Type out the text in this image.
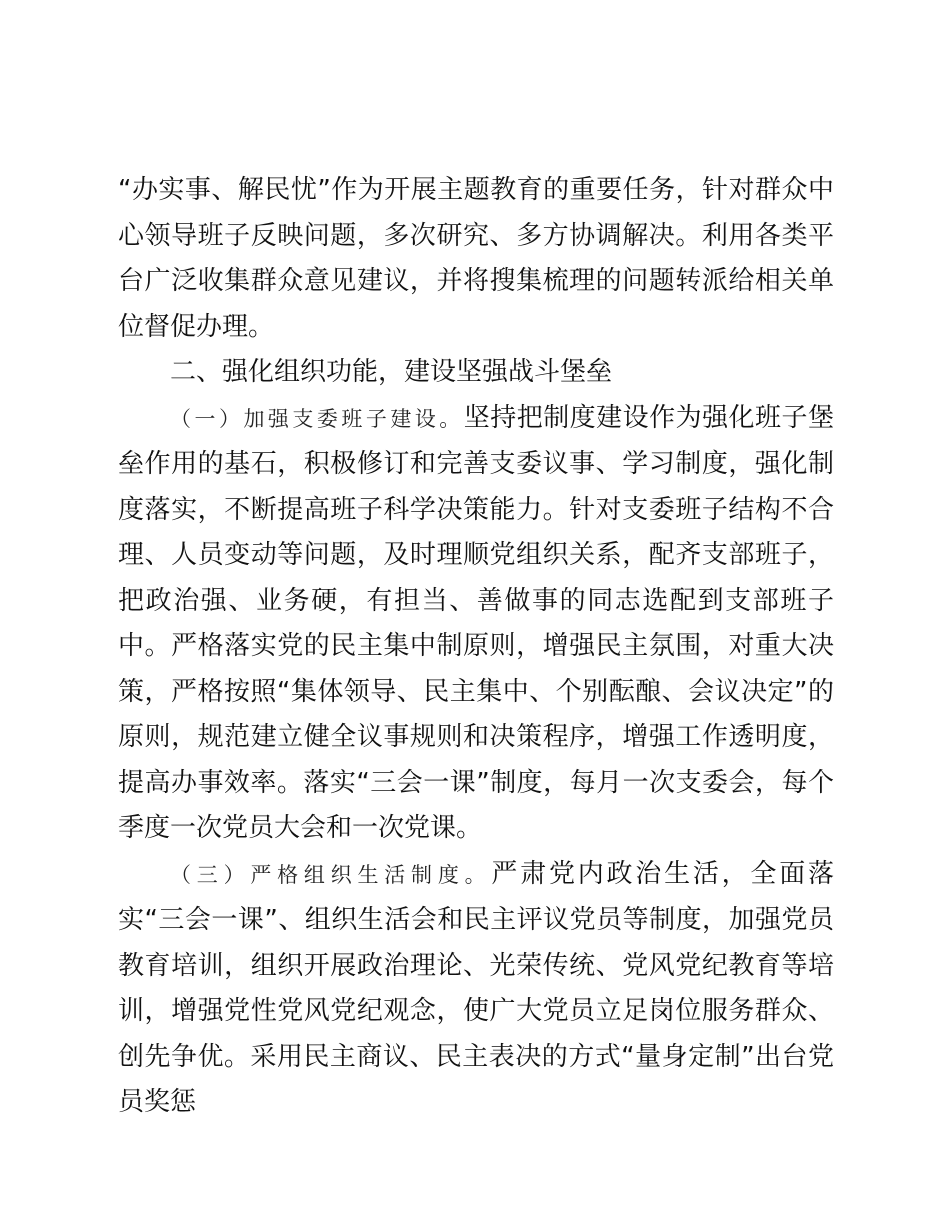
“办实事、解民忧”作为开展主题教育的重要任务，针对群众中心领导班子反映问题，多次研究、多方协调解决。利用各类平台广泛收集群众意见建议，并将搜集梳理的问题转派给相关单位督促办理。

二、强化组织功能，建设坚强战斗堡垒

（一）加强支委班子建设。坚持把制度建设作为强化班子堡垒作用的基石，积极修订和完善支委议事、学习制度，强化制度落实，不断提高班子科学决策能力。针对支委班子结构不合理、人员变动等问题，及时理顺党组织关系，配齐支部班子，把政治强、业务硬，有担当、善做事的同志选配到支部班子中。严格落实党的民主集中制原则，增强民主氛围，对重大决策，严格按照“集体领导、民主集中、个别酝酿、会议决定”的原则，规范建立健全议事规则和决策程序，增强工作透明度，提高办事效率。落实“三会一课”制度，每月一次支委会，每个季度一次党员大会和一次党课。

（三）严格组织生活制度。严肃党内政治生活，全面落实“三会一课”、组织生活会和民主评议党员等制度，加强党员教育培训，组织开展政治理论、光荣传统、党风党纪教育等培训，增强党性党风党纪观念，使广大党员立足岗位服务群众、创先争优。采用民主商议、民主表决的方式“量身定制”出台党员奖惩
